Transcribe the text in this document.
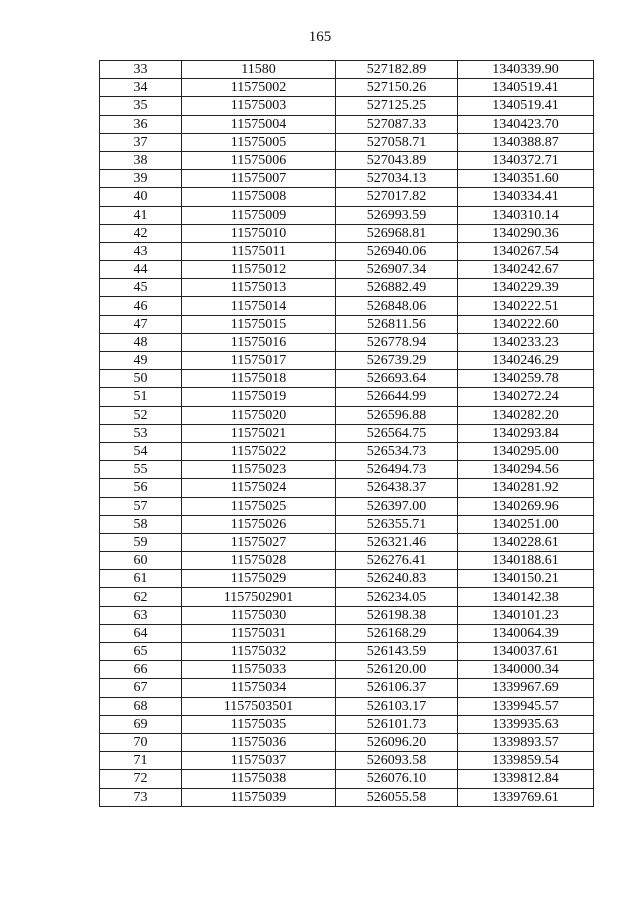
165
33	11580	527182.89	1340339.90
34	11575002	527150.26	1340519.41
35	11575003	527125.25	1340519.41
36	11575004	527087.33	1340423.70
37	11575005	527058.71	1340388.87
38	11575006	527043.89	1340372.71
39	11575007	527034.13	1340351.60
40	11575008	527017.82	1340334.41
41	11575009	526993.59	1340310.14
42	11575010	526968.81	1340290.36
43	11575011	526940.06	1340267.54
44	11575012	526907.34	1340242.67
45	11575013	526882.49	1340229.39
46	11575014	526848.06	1340222.51
47	11575015	526811.56	1340222.60
48	11575016	526778.94	1340233.23
49	11575017	526739.29	1340246.29
50	11575018	526693.64	1340259.78
51	11575019	526644.99	1340272.24
52	11575020	526596.88	1340282.20
53	11575021	526564.75	1340293.84
54	11575022	526534.73	1340295.00
55	11575023	526494.73	1340294.56
56	11575024	526438.37	1340281.92
57	11575025	526397.00	1340269.96
58	11575026	526355.71	1340251.00
59	11575027	526321.46	1340228.61
60	11575028	526276.41	1340188.61
61	11575029	526240.83	1340150.21
62	1157502901	526234.05	1340142.38
63	11575030	526198.38	1340101.23
64	11575031	526168.29	1340064.39
65	11575032	526143.59	1340037.61
66	11575033	526120.00	1340000.34
67	11575034	526106.37	1339967.69
68	1157503501	526103.17	1339945.57
69	11575035	526101.73	1339935.63
70	11575036	526096.20	1339893.57
71	11575037	526093.58	1339859.54
72	11575038	526076.10	1339812.84
73	11575039	526055.58	1339769.61
